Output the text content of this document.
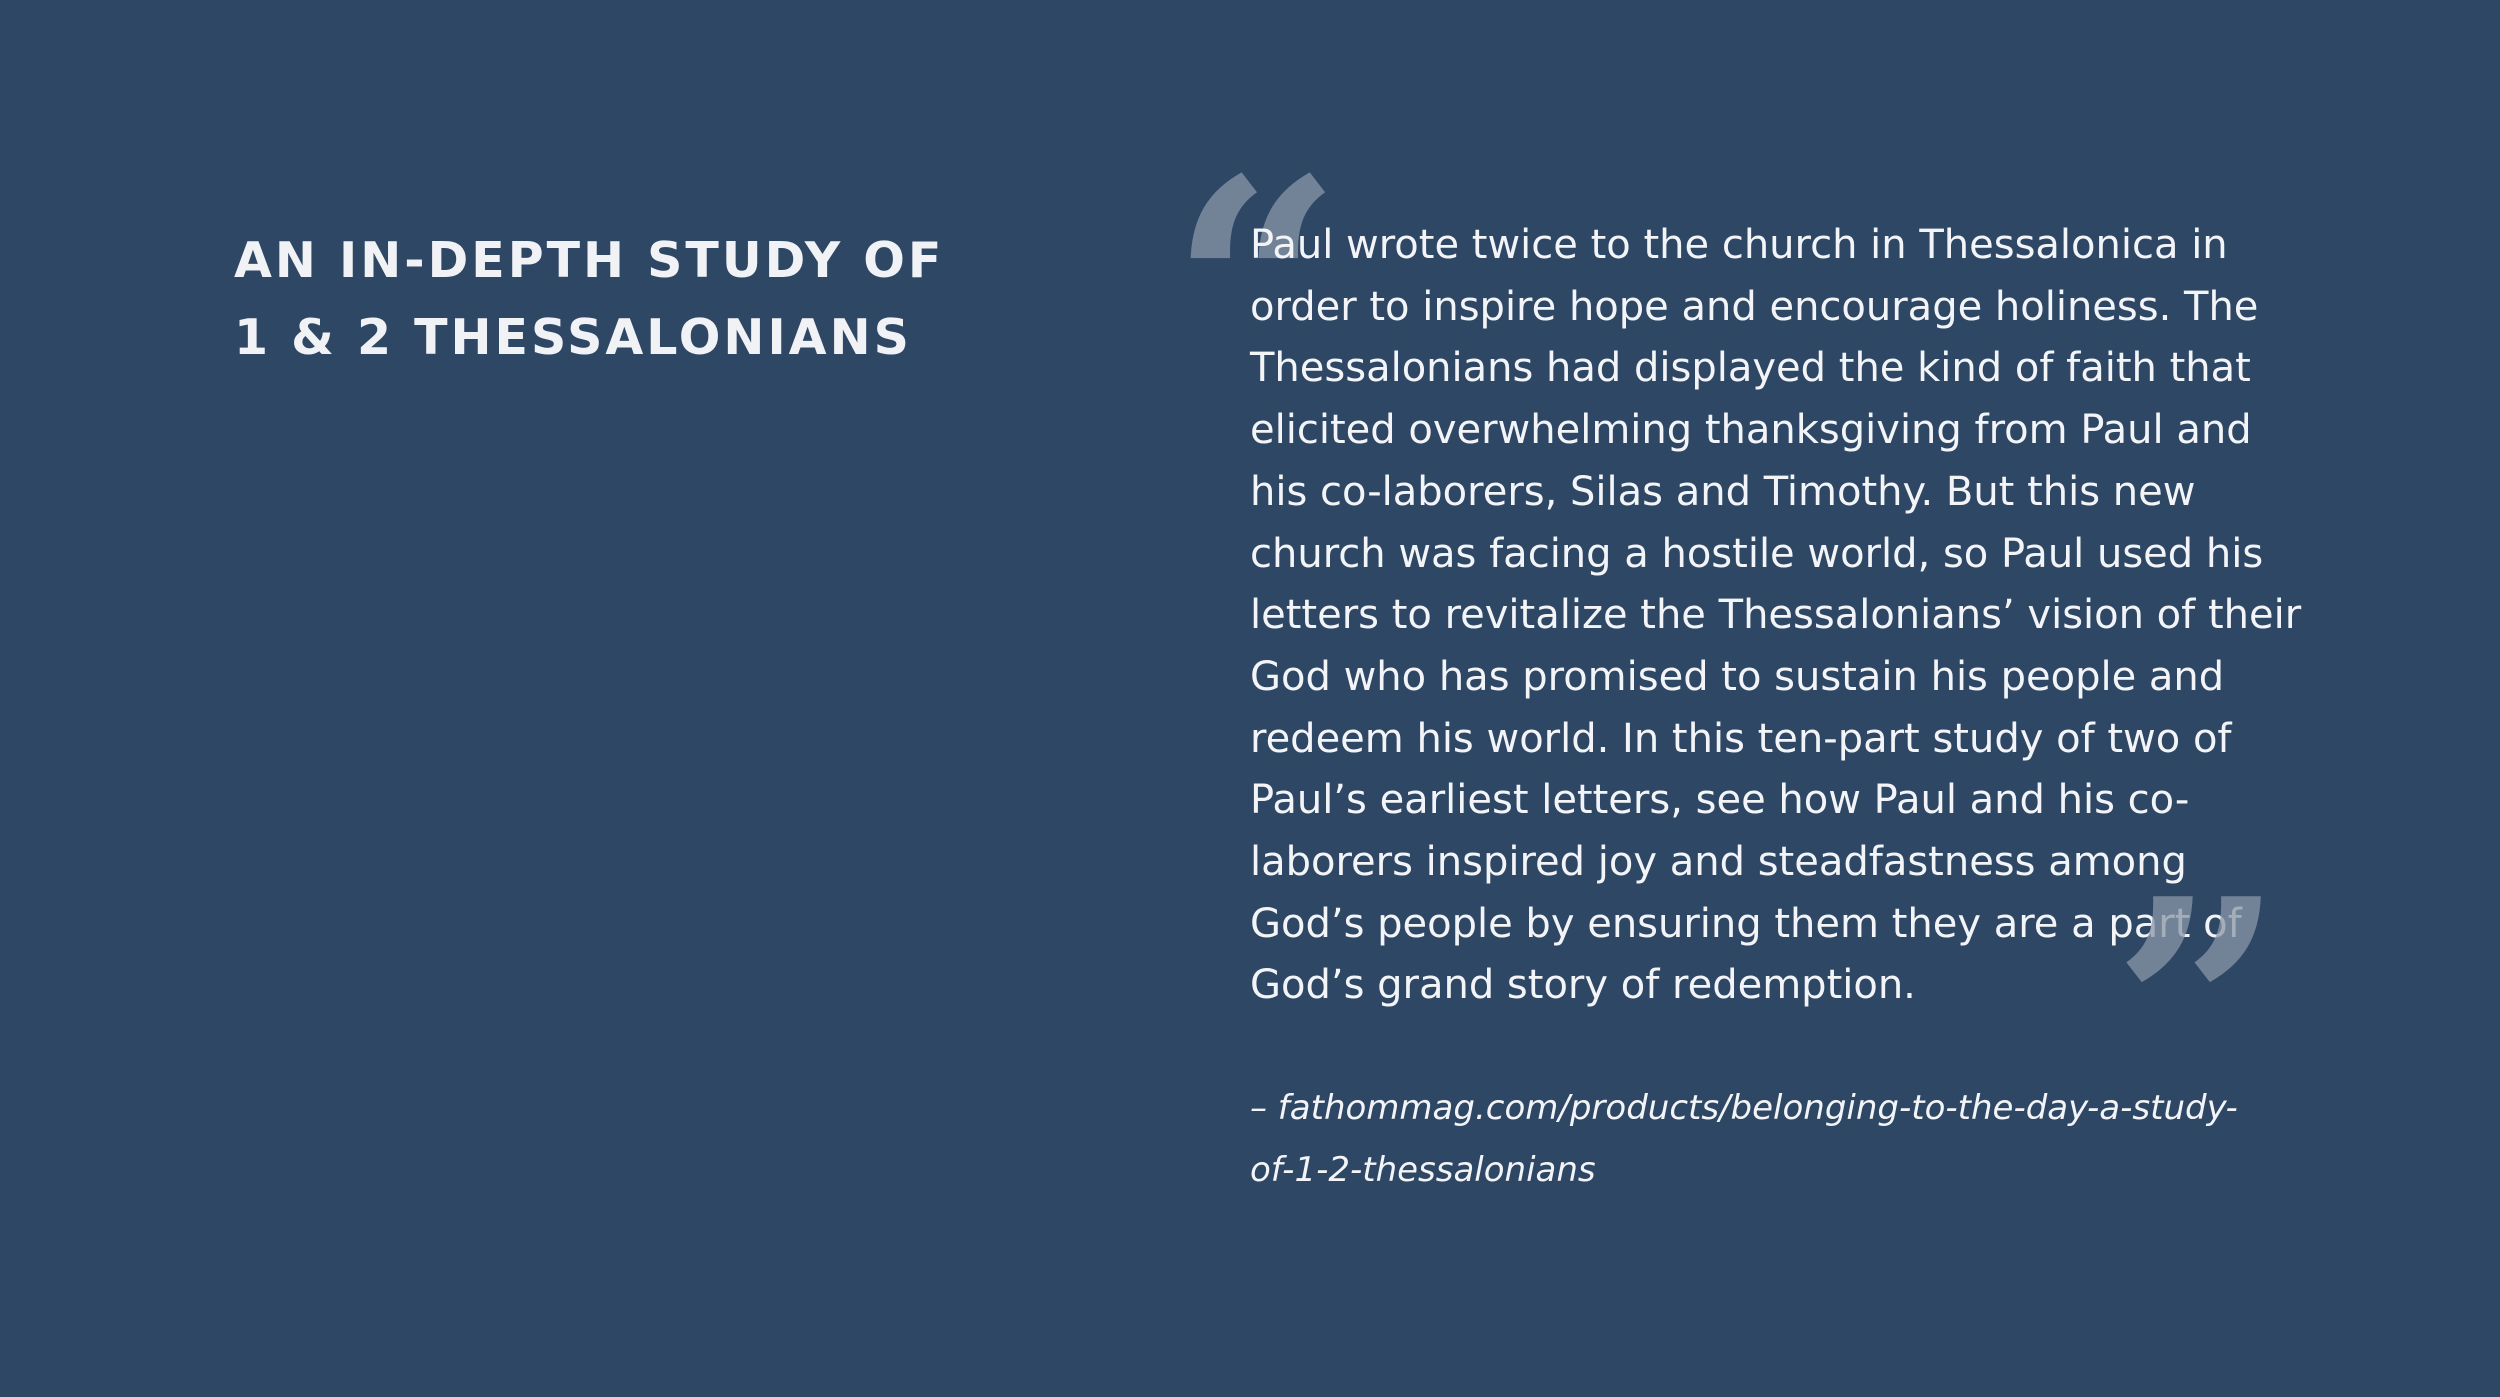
AN IN-DEPTH STUDY OF
1 & 2 THESSALONIANS “

Paul wrote twice to the church in Thessalonica in
order to inspire hope and encourage holiness. The
Thessalonians had displayed the kind of faith that
elicited overwhelming thanksgiving from Paul and
his co-laborers, Silas and Timothy. But this new
church was facing a hostile world, so Paul used his
letters to revitalize the Thessalonians’ vision of their
God who has promised to sustain his people and
redeem his world. In this ten-part study of two of
Paul’s earliest letters, see how Paul and his co-
laborers inspired joy and steadfastness among
God’s people by ensuring them they are a part of
God’s grand story of redemption. ”

– fathommag.com/products/belonging-to-the-day-a-study-
of-1-2-thessalonians
